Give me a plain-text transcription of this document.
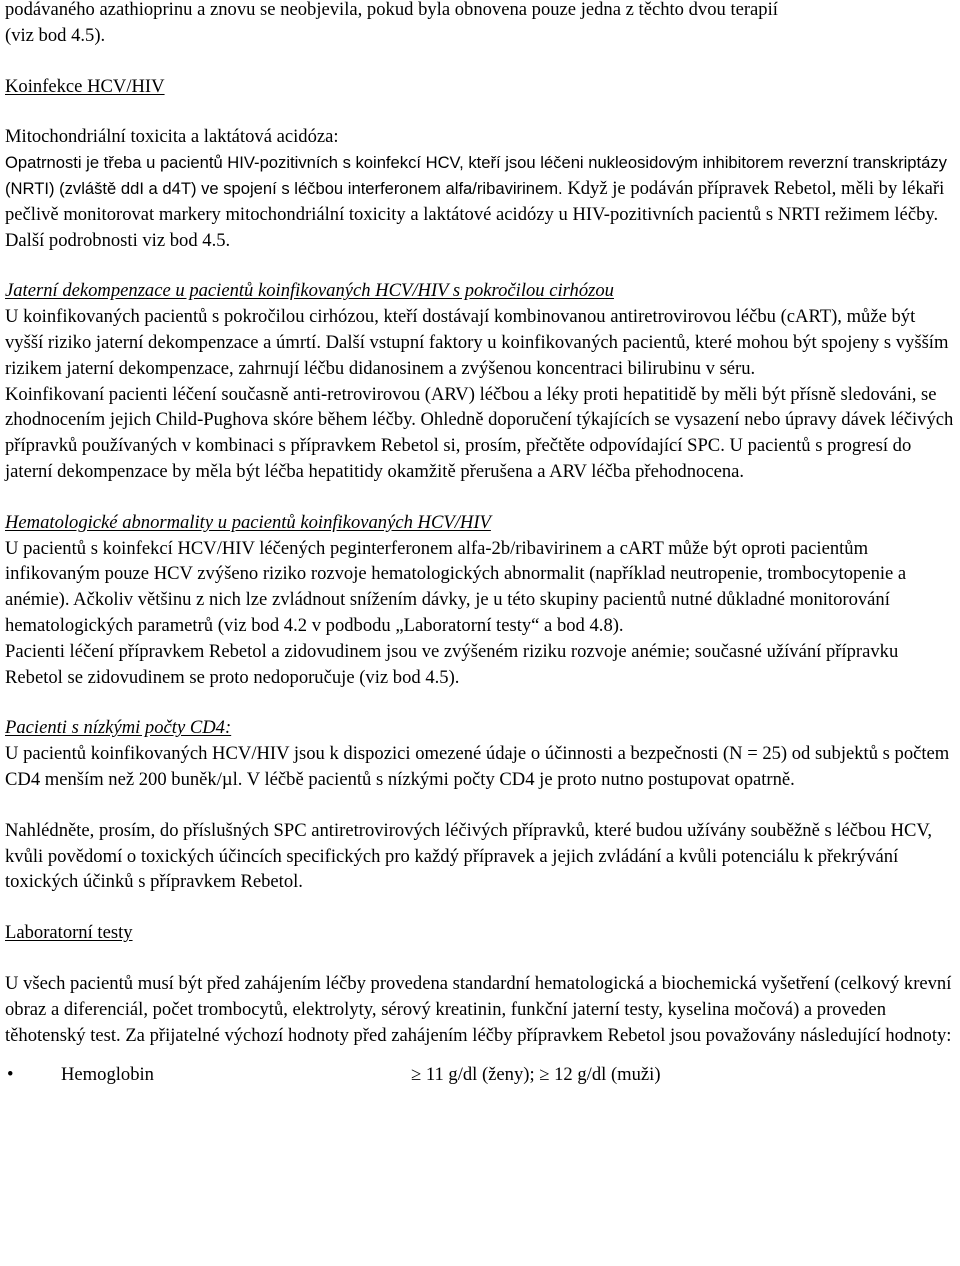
podávaného azathioprinu a znovu se neobjevila, pokud byla obnovena pouze jedna z těchto dvou terapií

(viz bod 4.5).

Koinfekce HCV/HIV

Mitochondriální toxicita a laktátová acidóza:

Opatrnosti je třeba u pacientů HIV-pozitivních s koinfekcí HCV, kteří jsou léčeni nukleosidovým inhibitorem reverzní transkriptázy (NRTI) (zvláště ddI a d4T) ve spojení s léčbou interferonem alfa/ribavirinem. Když je podáván přípravek Rebetol, měli by lékaři pečlivě monitorovat markery mitochondriální toxicity a laktátové acidózy u HIV-pozitivních pacientů s NRTI režimem léčby. Další podrobnosti viz bod 4.5.

Jaterní dekompenzace u pacientů koinfikovaných HCV/HIV s pokročilou cirhózou

U koinfikovaných pacientů s pokročilou cirhózou, kteří dostávají kombinovanou antiretrovirovou léčbu (cART), může být vyšší riziko jaterní dekompenzace a úmrtí. Další vstupní faktory u koinfikovaných pacientů, které mohou být spojeny s vyšším rizikem jaterní dekompenzace, zahrnují léčbu didanosinem a zvýšenou koncentraci bilirubinu v séru.

Koinfikovaní pacienti léčení současně anti-retrovirovou (ARV) léčbou a léky proti hepatitidě by měli být přísně sledováni, se zhodnocením jejich Child-Pughova skóre během léčby. Ohledně doporučení týkajících se vysazení nebo úpravy dávek léčivých přípravků používaných v kombinaci s přípravkem Rebetol si, prosím, přečtěte odpovídající SPC. U pacientů s progresí do jaterní dekompenzace by měla být léčba hepatitidy okamžitě přerušena a ARV léčba přehodnocena.

Hematologické abnormality u pacientů koinfikovaných HCV/HIV

U pacientů s koinfekcí HCV/HIV léčených peginterferonem alfa-2b/ribavirinem a cART může být oproti pacientům infikovaným pouze HCV zvýšeno riziko rozvoje hematologických abnormalit (například neutropenie, trombocytopenie a anémie). Ačkoliv většinu z nich lze zvládnout snížením dávky, je u této skupiny pacientů nutné důkladné monitorování hematologických parametrů (viz bod 4.2 v podbodu „Laboratorní testy“ a bod 4.8).

Pacienti léčení přípravkem Rebetol a zidovudinem jsou ve zvýšeném riziku rozvoje anémie; současné užívání přípravku Rebetol se zidovudinem se proto nedoporučuje (viz bod 4.5).

Pacienti s nízkými počty CD4:

U pacientů koinfikovaných HCV/HIV jsou k dispozici omezené údaje o účinnosti a bezpečnosti (N = 25) od subjektů s počtem CD4 menším než 200 buněk/µl. V léčbě pacientů s nízkými počty CD4 je proto nutno postupovat opatrně.

Nahlédněte, prosím, do příslušných SPC antiretrovirových léčivých přípravků, které budou užívány souběžně s léčbou HCV, kvůli povědomí o toxických účincích specifických pro každý přípravek a jejich zvládání a kvůli potenciálu k překrývání toxických účinků s přípravkem Rebetol.

Laboratorní testy

U všech pacientů musí být před zahájením léčby provedena standardní hematologická a biochemická vyšetření (celkový krevní obraz a diferenciál, počet trombocytů, elektrolyty, sérový kreatinin, funkční jaterní testy, kyselina močová) a proveden těhotenský test. Za přijatelné výchozí hodnoty před zahájením léčby přípravkem Rebetol jsou považovány následující hodnoty:

•	Hemoglobin	≥ 11 g/dl (ženy); ≥ 12 g/dl (muži)
